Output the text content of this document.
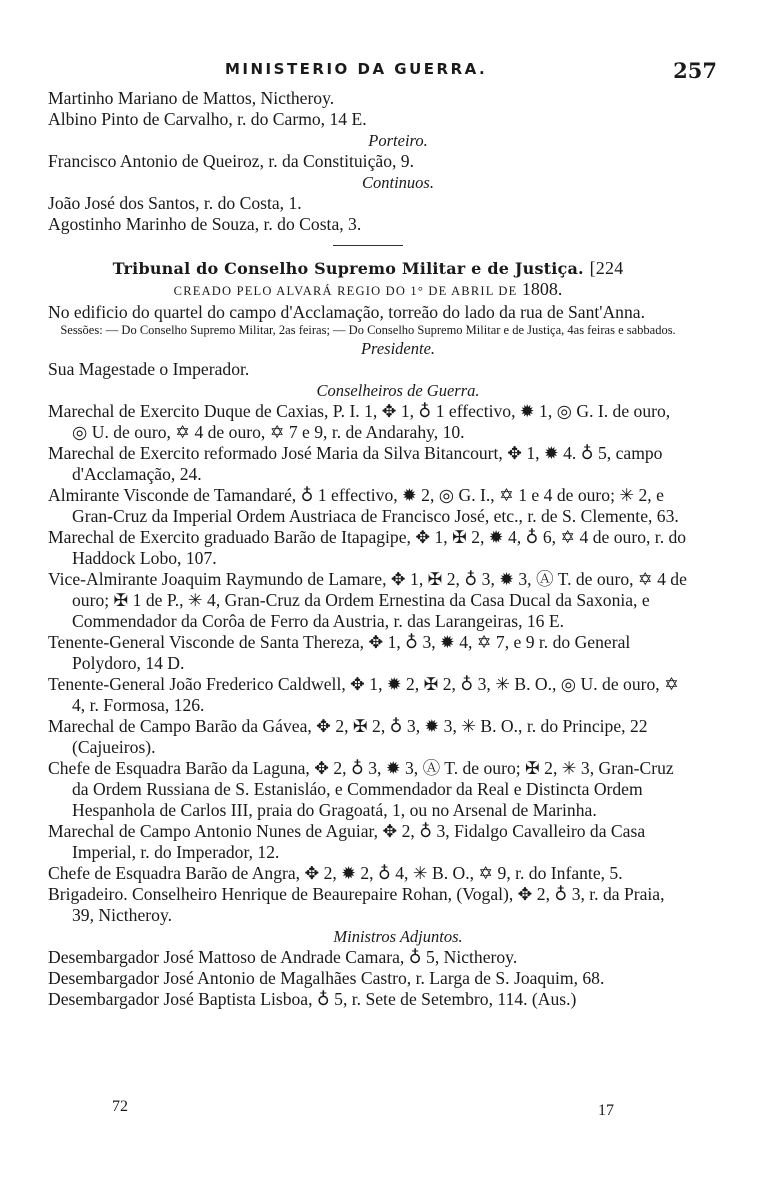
MINISTERIO DA GUERRA.	257

Martinho Mariano de Mattos, Nictheroy.

Albino Pinto de Carvalho, r. do Carmo, 14 E.

Porteiro.

Francisco Antonio de Queiroz, r. da Constituição, 9.

Continuos.

João José dos Santos, r. do Costa, 1.

Agostinho Marinho de Souza, r. do Costa, 3.

Tribunal do Conselho Supremo Militar e de Justiça. [224

CREADO PELO ALVARÁ REGIO DO 1° DE ABRIL DE 1808.

No edificio do quartel do campo d'Acclamação, torreão do lado da rua de Sant'Anna.

Sessões: — Do Conselho Supremo Militar, 2as feiras; — Do Conselho Supremo Militar e de Justiça, 4as feiras e sabbados.

Presidente.

Sua Magestade o Imperador.

Conselheiros de Guerra.

Marechal de Exercito Duque de Caxias, P. I. 1, ✥ 1, ♁ 1 effectivo, ✹ 1, ◎ G. I. de ouro, ◎ U. de ouro, ✡ 4 de ouro, ✡ 7 e 9, r. de Andarahy, 10.

Marechal de Exercito reformado José Maria da Silva Bitancourt, ✥ 1, ✹ 4. ♁ 5, campo d'Acclamação, 24.

Almirante Visconde de Tamandaré, ♁ 1 effectivo, ✹ 2, ◎ G. I., ✡ 1 e 4 de ouro; ✳ 2, e Gran-Cruz da Imperial Ordem Austriaca de Francisco José, etc., r. de S. Clemente, 63.

Marechal de Exercito graduado Barão de Itapagipe, ✥ 1, ✠ 2, ✹ 4, ♁ 6, ✡ 4 de ouro, r. do Haddock Lobo, 107.

Vice-Almirante Joaquim Raymundo de Lamare, ✥ 1, ✠ 2, ♁ 3, ✹ 3, Ⓐ T. de ouro, ✡ 4 de ouro; ✠ 1 de P., ✳ 4, Gran-Cruz da Ordem Ernestina da Casa Ducal da Saxonia, e Commendador da Corôa de Ferro da Austria, r. das Larangeiras, 16 E.

Tenente-General Visconde de Santa Thereza, ✥ 1, ♁ 3, ✹ 4, ✡ 7, e 9 r. do General Polydoro, 14 D.

Tenente-General João Frederico Caldwell, ✥ 1, ✹ 2, ✠ 2, ♁ 3, ✳ B. O., ◎ U. de ouro, ✡ 4, r. Formosa, 126.

Marechal de Campo Barão da Gávea, ✥ 2, ✠ 2, ♁ 3, ✹ 3, ✳ B. O., r. do Principe, 22 (Cajueiros).

Chefe de Esquadra Barão da Laguna, ✥ 2, ♁ 3, ✹ 3, Ⓐ T. de ouro; ✠ 2, ✳ 3, Gran-Cruz da Ordem Russiana de S. Estanisláo, e Commendador da Real e Distincta Ordem Hespanhola de Carlos III, praia do Gragoatá, 1, ou no Arsenal de Marinha.

Marechal de Campo Antonio Nunes de Aguiar, ✥ 2, ♁ 3, Fidalgo Cavalleiro da Casa Imperial, r. do Imperador, 12.

Chefe de Esquadra Barão de Angra, ✥ 2, ✹ 2, ♁ 4, ✳ B. O., ✡ 9, r. do Infante, 5.

Brigadeiro. Conselheiro Henrique de Beaurepaire Rohan, (Vogal), ✥ 2, ♁ 3, r. da Praia, 39, Nictheroy.

Ministros Adjuntos.

Desembargador José Mattoso de Andrade Camara, ♁ 5, Nictheroy.

Desembargador José Antonio de Magalhães Castro, r. Larga de S. Joaquim, 68.

Desembargador José Baptista Lisboa, ♁ 5, r. Sete de Setembro, 114. (Aus.)

72	17
